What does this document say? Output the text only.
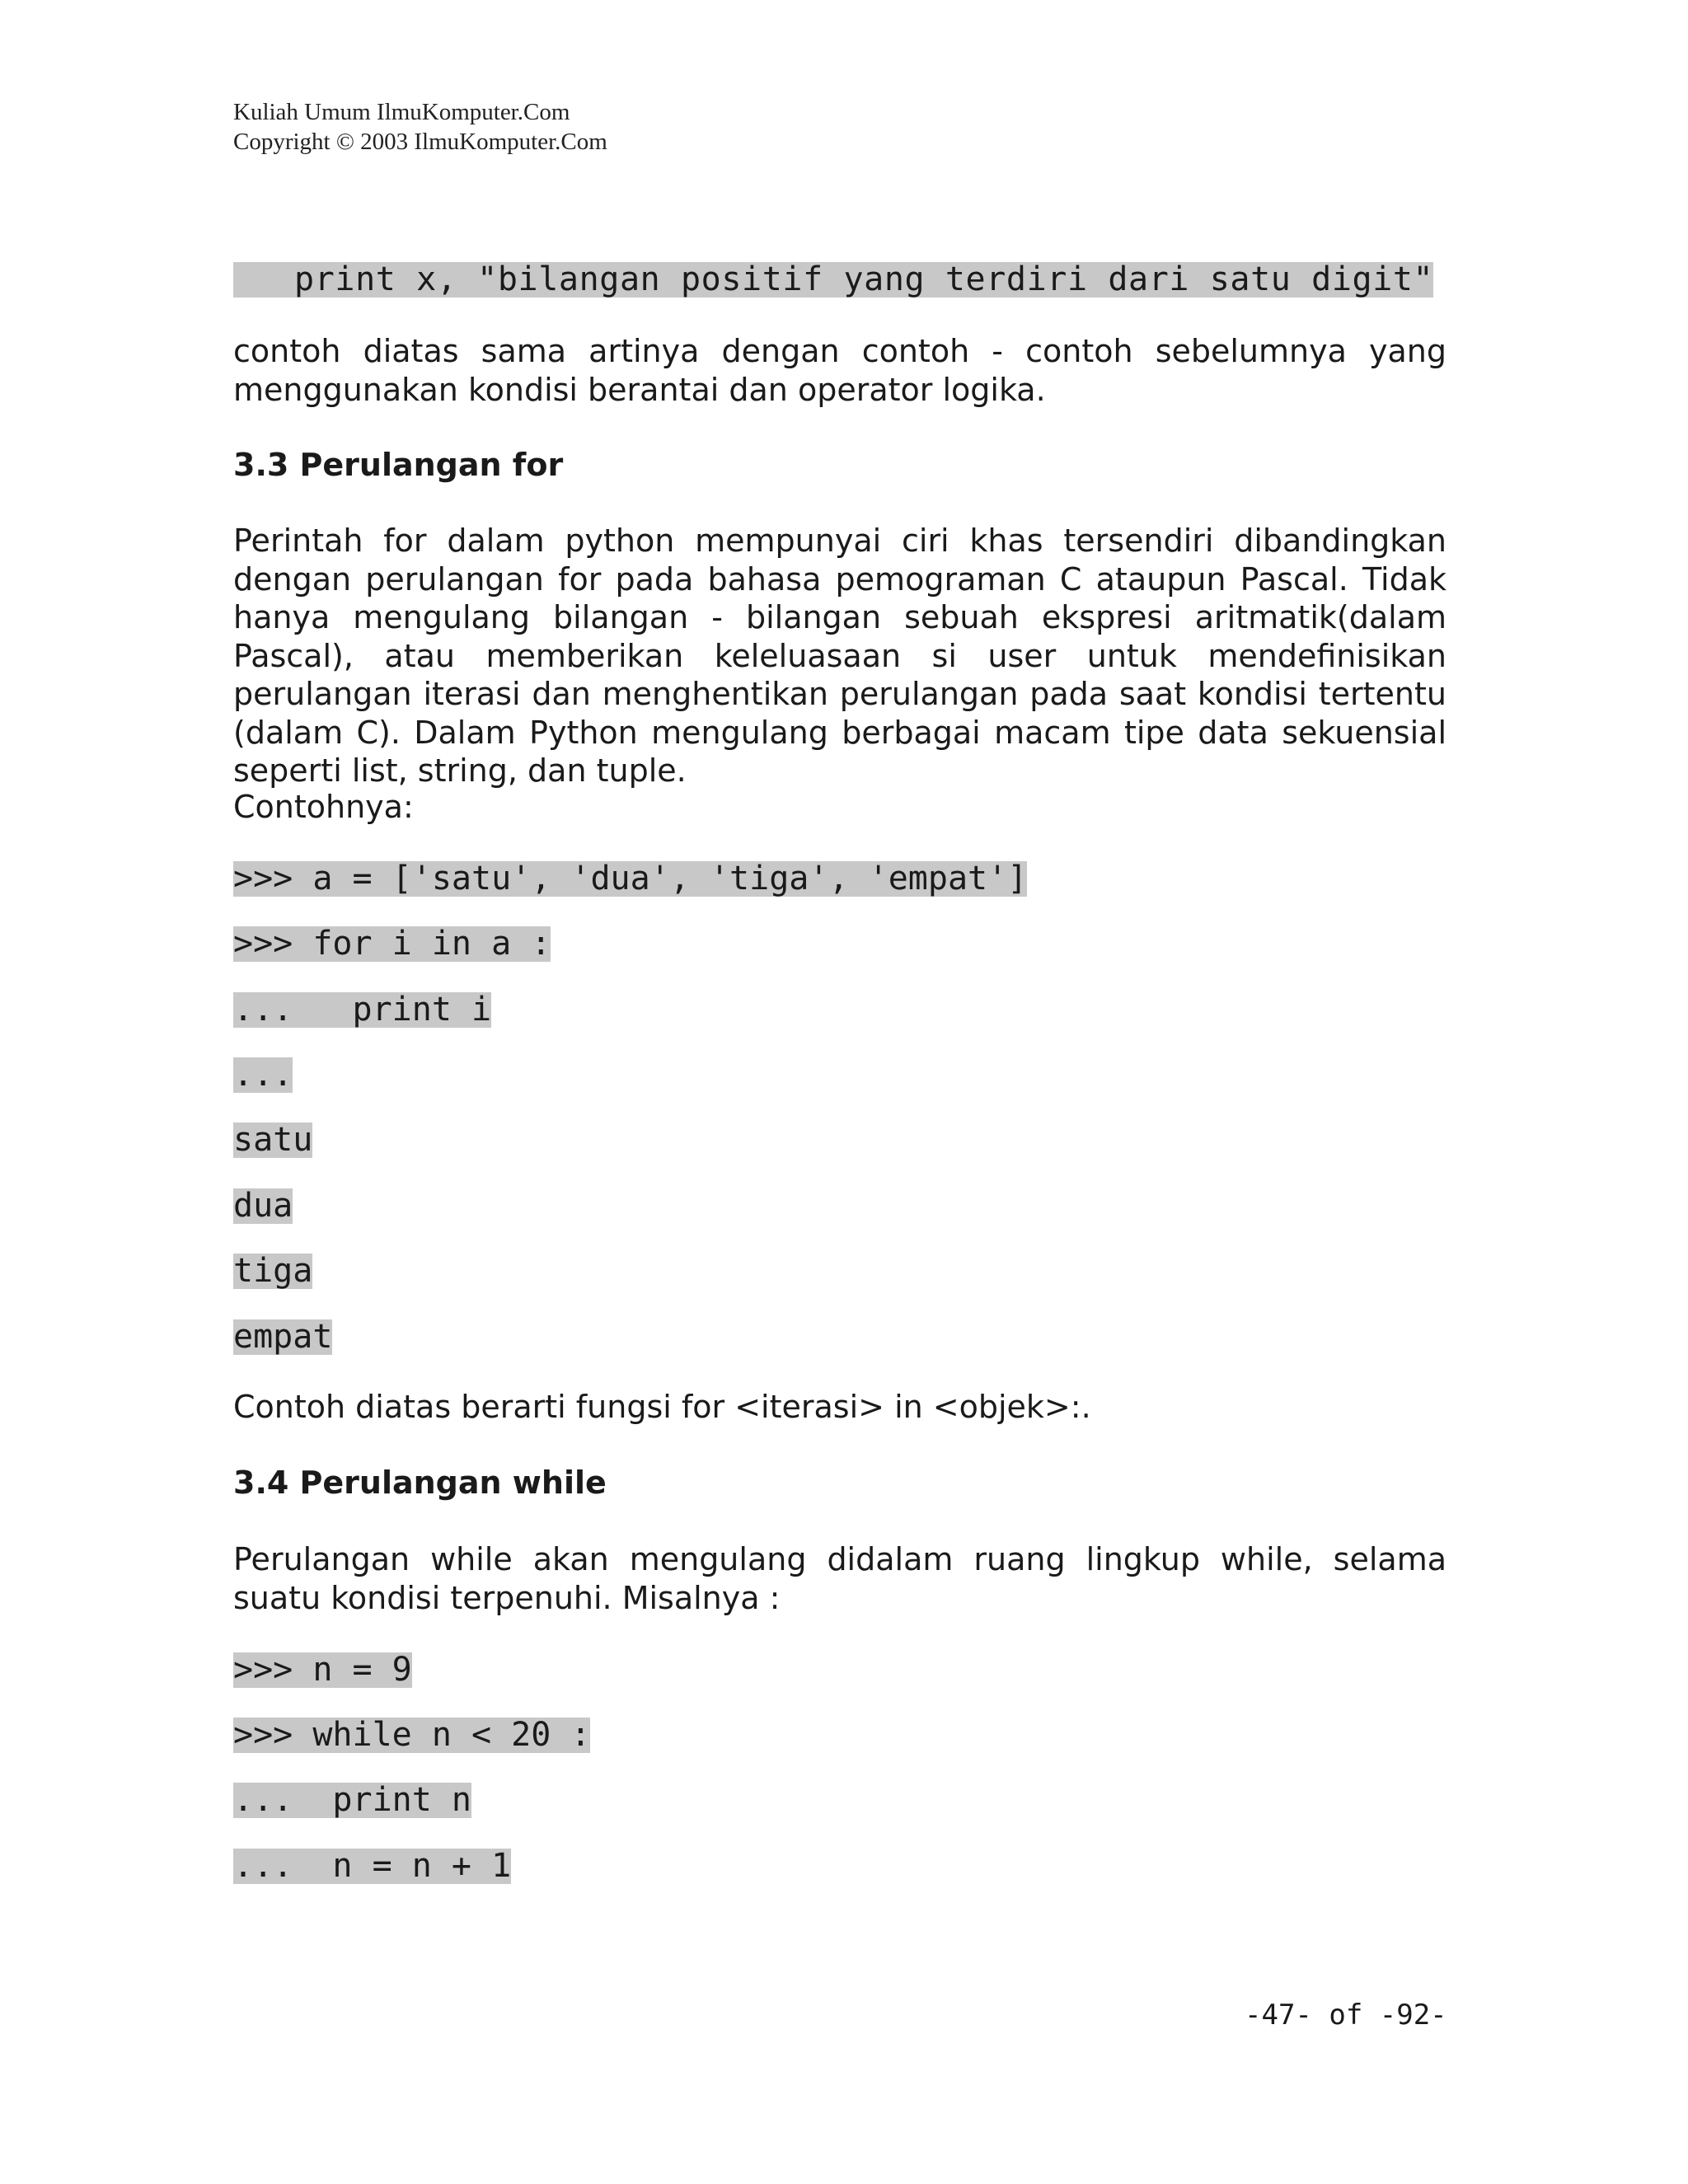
Kuliah Umum IlmuKomputer.Com
Copyright © 2003 IlmuKomputer.Com
print x, "bilangan positif yang terdiri dari satu digit"

contoh diatas sama artinya dengan contoh - contoh sebelumnya yang menggunakan kondisi berantai dan operator logika.

3.3 Perulangan for

Perintah for dalam python mempunyai ciri khas tersendiri dibandingkan dengan perulangan for pada bahasa pemograman C ataupun Pascal. Tidak hanya mengulang bilangan - bilangan sebuah ekspresi aritmatik(dalam Pascal), atau memberikan keleluasaan si user untuk mendefinisikan perulangan iterasi dan menghentikan perulangan pada saat kondisi tertentu (dalam C). Dalam Python mengulang berbagai macam tipe data sekuensial seperti list, string, dan tuple.

Contohnya:

>>> a = ['satu', 'dua', 'tiga', 'empat']
>>> for i in a :
...   print i
...
satu
dua
tiga
empat

Contoh diatas berarti fungsi for <iterasi> in <objek>:.

3.4 Perulangan while

Perulangan while akan mengulang didalam ruang lingkup while, selama suatu kondisi terpenuhi. Misalnya :

>>> n = 9
>>> while n < 20 :
...  print n
...  n = n + 1
-47- of -92-
